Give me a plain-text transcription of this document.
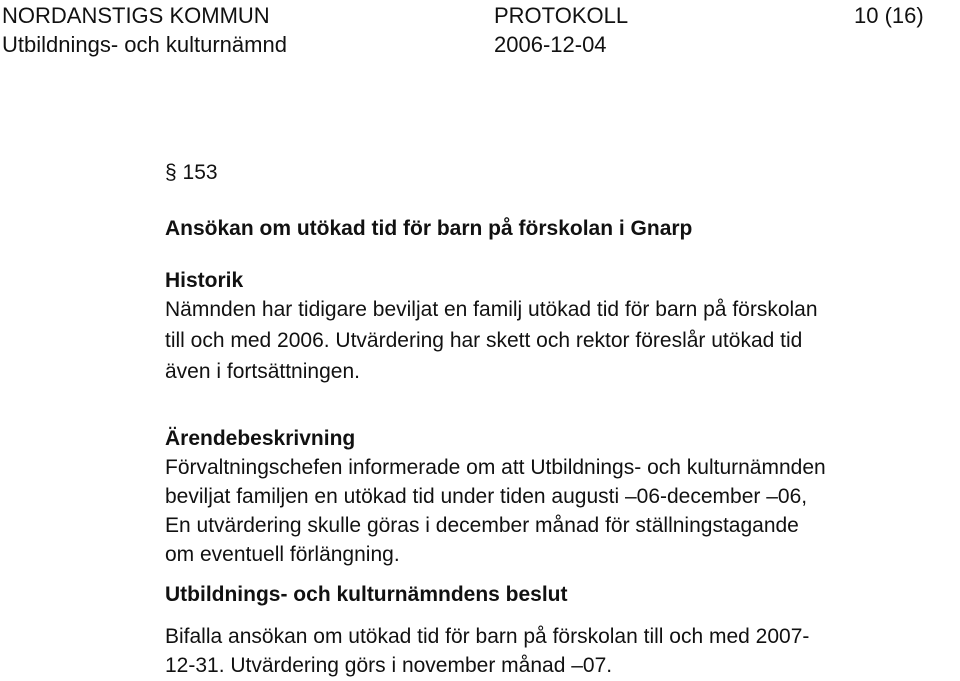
NORDANSTIGS KOMMUN	PROTOKOLL	10 (16)
Utbildnings- och kulturnämnd	2006-12-04
§ 153
Ansökan om utökad tid för barn på förskolan i Gnarp
Historik
Nämnden har tidigare beviljat en familj utökad tid för barn på förskolan
till och med 2006. Utvärdering har skett och rektor föreslår utökad tid
även i fortsättningen.
Ärendebeskrivning
Förvaltningschefen informerade om att Utbildnings- och kulturnämnden
beviljat familjen en utökad tid under tiden augusti –06-december –06,
En utvärdering skulle göras i december månad för ställningstagande
om eventuell förlängning.
Utbildnings- och kulturnämndens beslut
Bifalla ansökan om utökad tid för barn på förskolan till och med 2007-
12-31. Utvärdering görs i november månad –07.
